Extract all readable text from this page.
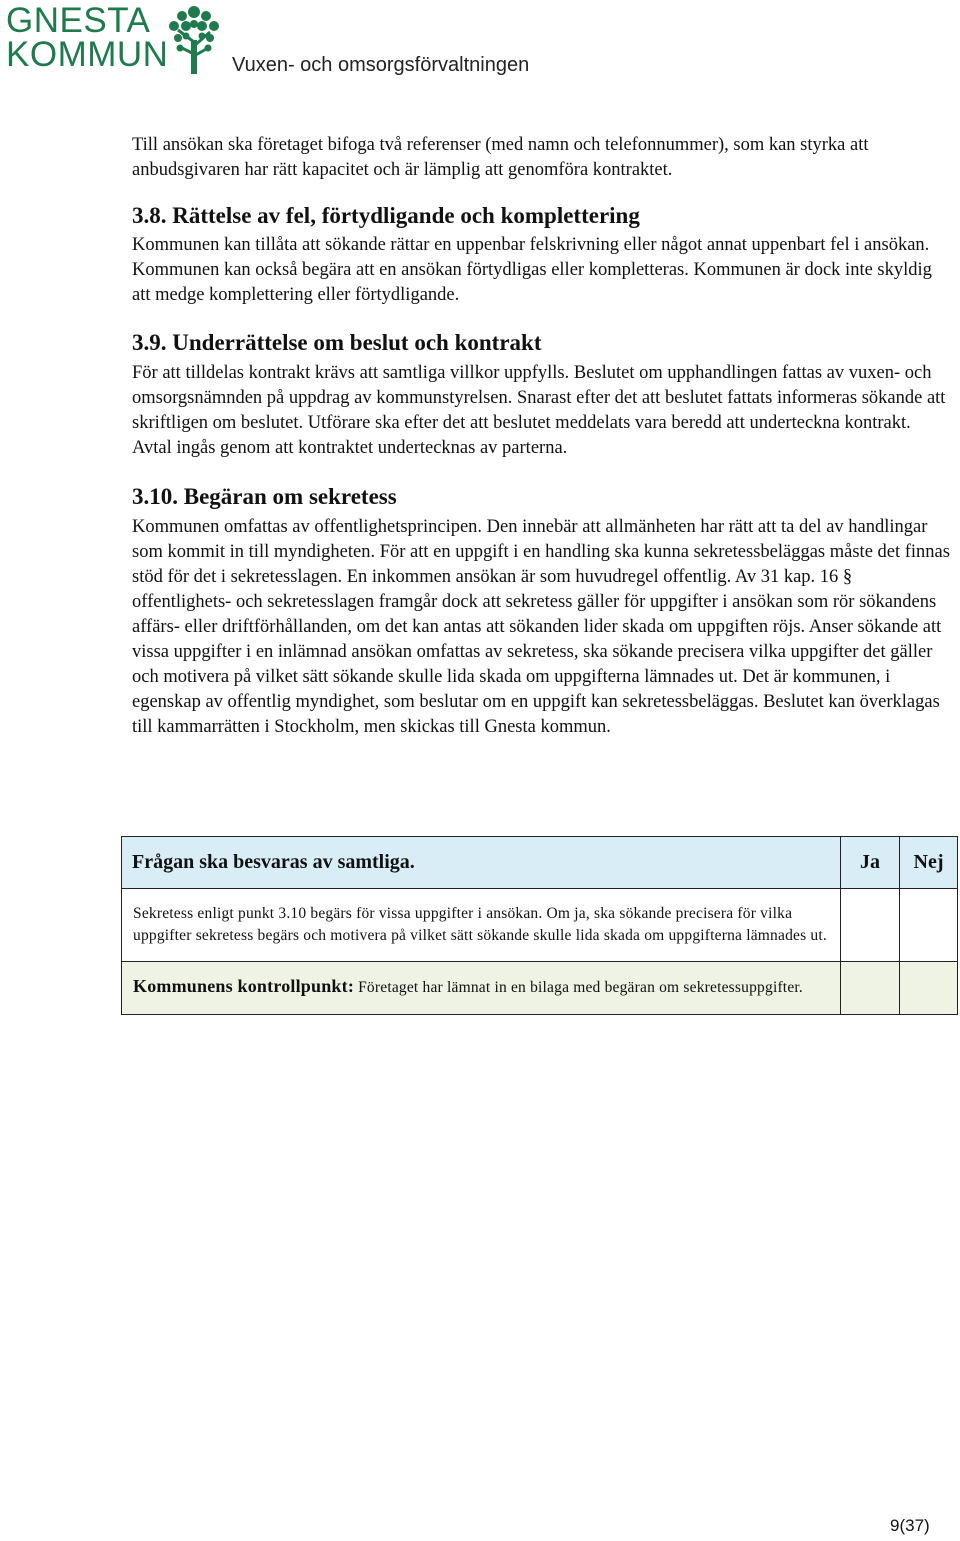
GNESTA
KOMMUN	Vuxen- och omsorgsförvaltningen

Till ansökan ska företaget bifoga två referenser (med namn och telefonnummer), som kan styrka att anbudsgivaren har rätt kapacitet och är lämplig att genomföra kontraktet.

3.8. Rättelse av fel, förtydligande och komplettering

Kommunen kan tillåta att sökande rättar en uppenbar felskrivning eller något annat uppenbart fel i ansökan. Kommunen kan också begära att en ansökan förtydligas eller kompletteras. Kommunen är dock inte skyldig att medge komplettering eller förtydligande.

3.9. Underrättelse om beslut och kontrakt

För att tilldelas kontrakt krävs att samtliga villkor uppfylls. Beslutet om upphandlingen fattas av vuxen- och omsorgsnämnden på uppdrag av kommunstyrelsen. Snarast efter det att beslutet fattats informeras sökande att skriftligen om beslutet. Utförare ska efter det att beslutet meddelats vara beredd att underteckna kontrakt. Avtal ingås genom att kontraktet undertecknas av parterna.

3.10. Begäran om sekretess

Kommunen omfattas av offentlighetsprincipen. Den innebär att allmänheten har rätt att ta del av handlingar som kommit in till myndigheten. För att en uppgift i en handling ska kunna sekretessbeläggas måste det finnas stöd för det i sekretesslagen. En inkommen ansökan är som huvudregel offentlig. Av 31 kap. 16 § offentlighets- och sekretesslagen framgår dock att sekretess gäller för uppgifter i ansökan som rör sökandens affärs- eller driftförhållanden, om det kan antas att sökanden lider skada om uppgiften röjs. Anser sökande att vissa uppgifter i en inlämnad ansökan omfattas av sekretess, ska sökande precisera vilka uppgifter det gäller och motivera på vilket sätt sökande skulle lida skada om uppgifterna lämnades ut. Det är kommunen, i egenskap av offentlig myndighet, som beslutar om en uppgift kan sekretessbeläggas. Beslutet kan överklagas till kammarrätten i Stockholm, men skickas till Gnesta kommun.

Frågan ska besvaras av samtliga.	Ja	Nej

Sekretess enligt punkt 3.10 begärs för vissa uppgifter i ansökan. Om ja, ska sökande precisera för vilka uppgifter sekretess begärs och motivera på vilket sätt sökande skulle lida skada om uppgifterna lämnades ut.		

Kommunens kontrollpunkt: Företaget har lämnat in en bilaga med begäran om sekretessuppgifter.		

9(37)
